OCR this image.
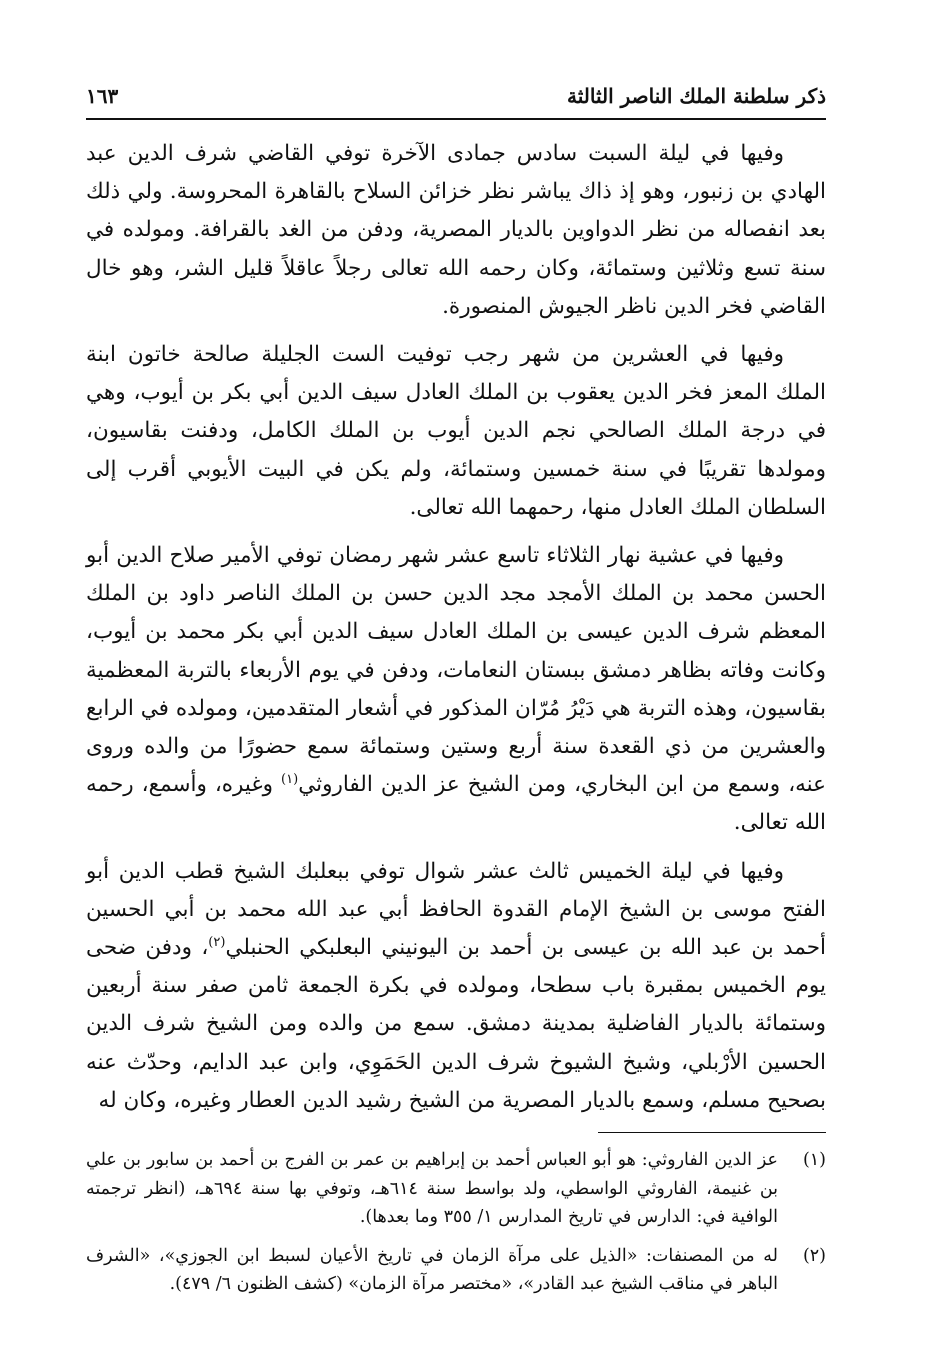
ذكر سلطنة الملك الناصر الثالثة
١٦٣

وفيها في ليلة السبت سادس جمادى الآخرة توفي القاضي شرف الدين عبد الهادي بن زنبور، وهو إذ ذاك يباشر نظر خزائن السلاح بالقاهرة المحروسة. ولي ذلك بعد انفصاله من نظر الدواوين بالديار المصرية، ودفن من الغد بالقرافة. ومولده في سنة تسع وثلاثين وستمائة، وكان رحمه الله تعالى رجلاً عاقلاً قليل الشر، وهو خال القاضي فخر الدين ناظر الجيوش المنصورة.

وفيها في العشرين من شهر رجب توفيت الست الجليلة صالحة خاتون ابنة الملك المعز فخر الدين يعقوب بن الملك العادل سيف الدين أبي بكر بن أيوب، وهي في درجة الملك الصالحي نجم الدين أيوب بن الملك الكامل، ودفنت بقاسيون، ومولدها تقريبًا في سنة خمسين وستمائة، ولم يكن في البيت الأيوبي أقرب إلى السلطان الملك العادل منها، رحمهما الله تعالى.

وفيها في عشية نهار الثلاثاء تاسع عشر شهر رمضان توفي الأمير صلاح الدين أبو الحسن محمد بن الملك الأمجد مجد الدين حسن بن الملك الناصر داود بن الملك المعظم شرف الدين عيسى بن الملك العادل سيف الدين أبي بكر محمد بن أيوب، وكانت وفاته بظاهر دمشق ببستان النعامات، ودفن في يوم الأربعاء بالتربة المعظمية بقاسيون، وهذه التربة هي دَيْرُ مُرّان المذكور في أشعار المتقدمين، ومولده في الرابع والعشرين من ذي القعدة سنة أربع وستين وستمائة سمع حضورًا من والده وروى عنه، وسمع من ابن البخاري، ومن الشيخ عز الدين الفاروثي$^{(١)}$ وغيره، وأسمع، رحمه الله تعالى.

وفيها في ليلة الخميس ثالث عشر شوال توفي ببعلبك الشيخ قطب الدين أبو الفتح موسى بن الشيخ الإمام القدوة الحافظ أبي عبد الله محمد بن أبي الحسين أحمد بن عبد الله بن عيسى بن أحمد بن اليونيني البعلبكي الحنبلي$^{(٢)}$، ودفن ضحى يوم الخميس بمقبرة باب سطحا، ومولده في بكرة الجمعة ثامن صفر سنة أربعين وستمائة بالديار الفاضلية بمدينة دمشق. سمع من والده ومن الشيخ شرف الدين الحسين الأرْبلي، وشيخ الشيوخ شرف الدين الحَمَوِي، وابن عبد الدايم، وحدّث عنه بصحيح مسلم، وسمع بالديار المصرية من الشيخ رشيد الدين العطار وغيره، وكان له

(١)
عز الدين الفاروثي: هو أبو العباس أحمد بن إبراهيم بن عمر بن الفرج بن أحمد بن سابور بن علي بن غنيمة، الفاروثي الواسطي، ولد بواسط سنة ٦١٤هـ، وتوفي بها سنة ٦٩٤هـ، (انظر ترجمته الوافية في: الدارس في تاريخ المدارس ١/ ٣٥٥ وما بعدها).
(٢)
له من المصنفات: «الذيل على مرآة الزمان في تاريخ الأعيان لسبط ابن الجوزي»، «الشرف الباهر في مناقب الشيخ عبد القادر»، «مختصر مرآة الزمان» (كشف الظنون ٦/ ٤٧٩).
